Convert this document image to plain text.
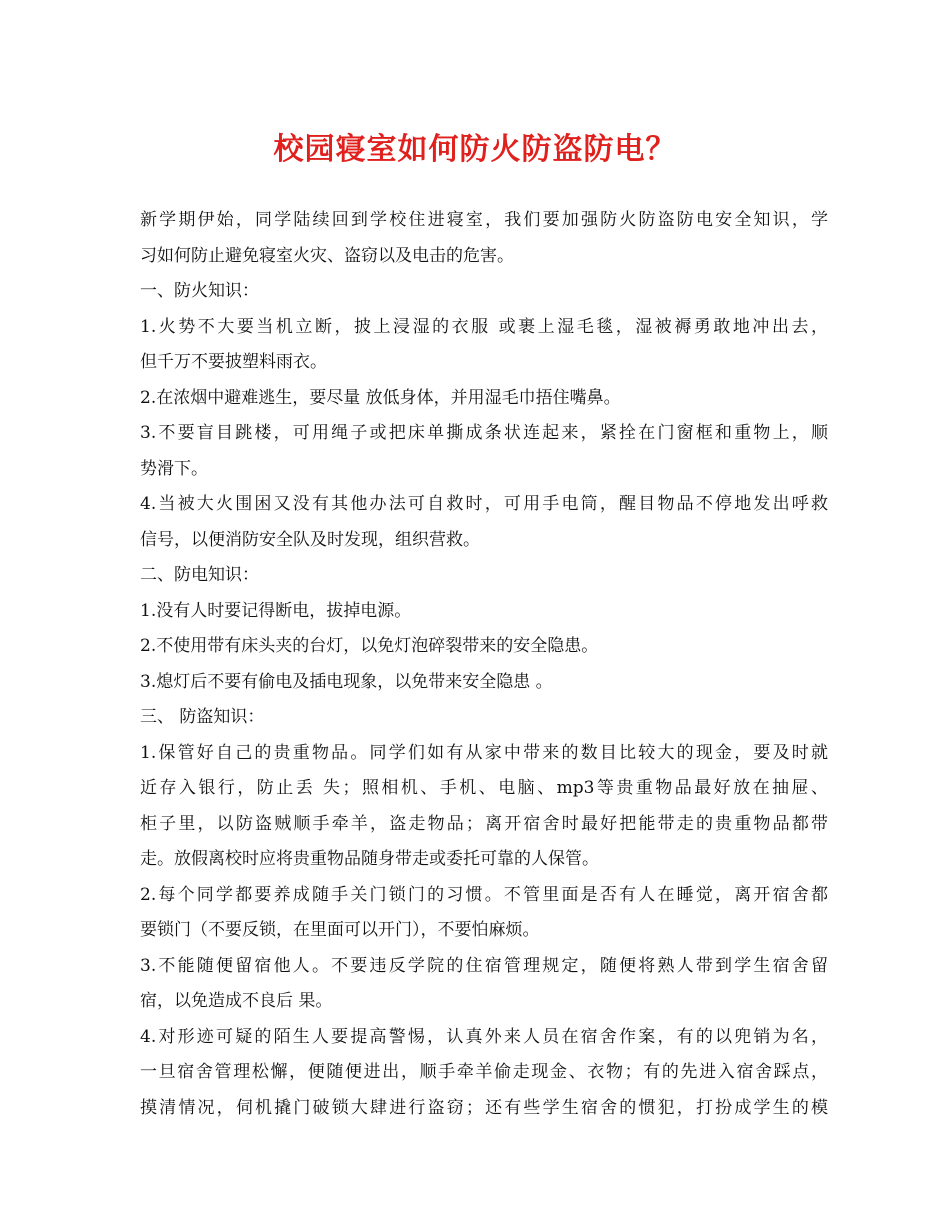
校园寝室如何防火防盗防电？
新学期伊始，同学陆续回到学校住进寝室，我们要加强防火防盗防电安全知识，学
习如何防止避免寝室火灾、盗窃以及电击的危害。
一、防火知识：
1.火势不大要当机立断，披上浸湿的衣服 或裹上湿毛毯，湿被褥勇敢地冲出去，
但千万不要披塑料雨衣。
2.在浓烟中避难逃生，要尽量 放低身体，并用湿毛巾捂住嘴鼻。
3.不要盲目跳楼，可用绳子或把床单撕成条状连起来，紧拴在门窗框和重物上，顺
势滑下。
4.当被大火围困又没有其他办法可自救时，可用手电筒，醒目物品不停地发出呼救
信号，以便消防安全队及时发现，组织营救。
二、防电知识：
1.没有人时要记得断电，拔掉电源。
2.不使用带有床头夹的台灯，以免灯泡碎裂带来的安全隐患。
3.熄灯后不要有偷电及插电现象，以免带来安全隐患 。
三、 防盗知识：
1.保管好自己的贵重物品。同学们如有从家中带来的数目比较大的现金，要及时就
近存入银行，防止丢 失；照相机、手机、电脑、mp3等贵重物品最好放在抽屉、
柜子里，以防盗贼顺手牵羊，盗走物品；离开宿舍时最好把能带走的贵重物品都带
走。放假离校时应将贵重物品随身带走或委托可靠的人保管。
2.每个同学都要养成随手关门锁门的习惯。不管里面是否有人在睡觉，离开宿舍都
要锁门（不要反锁，在里面可以开门），不要怕麻烦。
3.不能随便留宿他人。不要违反学院的住宿管理规定，随便将熟人带到学生宿舍留
宿，以免造成不良后 果。
4.对形迹可疑的陌生人要提高警惕，认真外来人员在宿舍作案，有的以兜销为名，
一旦宿舍管理松懈，便随便进出，顺手牵羊偷走现金、衣物；有的先进入宿舍踩点，
摸清情况，伺机撬门破锁大肆进行盗窃；还有些学生宿舍的惯犯，打扮成学生的模
